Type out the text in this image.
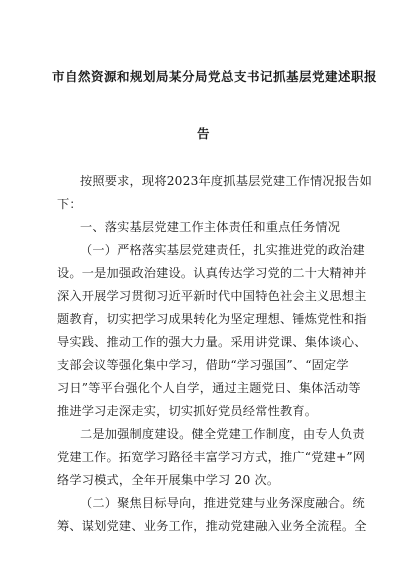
市自然资源和规划局某分局党总支书记抓基层党建述职报
告
按照要求，现将2023年度抓基层党建工作情况报告如
下：
一、落实基层党建工作主体责任和重点任务情况
（一）严格落实基层党建责任，扎实推进党的政治建
设。一是加强政治建设。认真传达学习党的二十大精神并
深入开展学习贯彻习近平新时代中国特色社会主义思想主
题教育，切实把学习成果转化为坚定理想、锤炼党性和指
导实践、推动工作的强大力量。采用讲党课、集体谈心、
支部会议等强化集中学习，借助“学习强国”、“固定学
习日”等平台强化个人自学，通过主题党日、集体活动等
推进学习走深走实，切实抓好党员经常性教育。
二是加强制度建设。健全党建工作制度，由专人负责
党建工作。拓宽学习路径丰富学习方式，推广“党建+”网
络学习模式，全年开展集中学习 20 次。
（二）聚焦目标导向，推进党建与业务深度融合。统
筹、谋划党建、业务工作，推动党建融入业务全流程。全
